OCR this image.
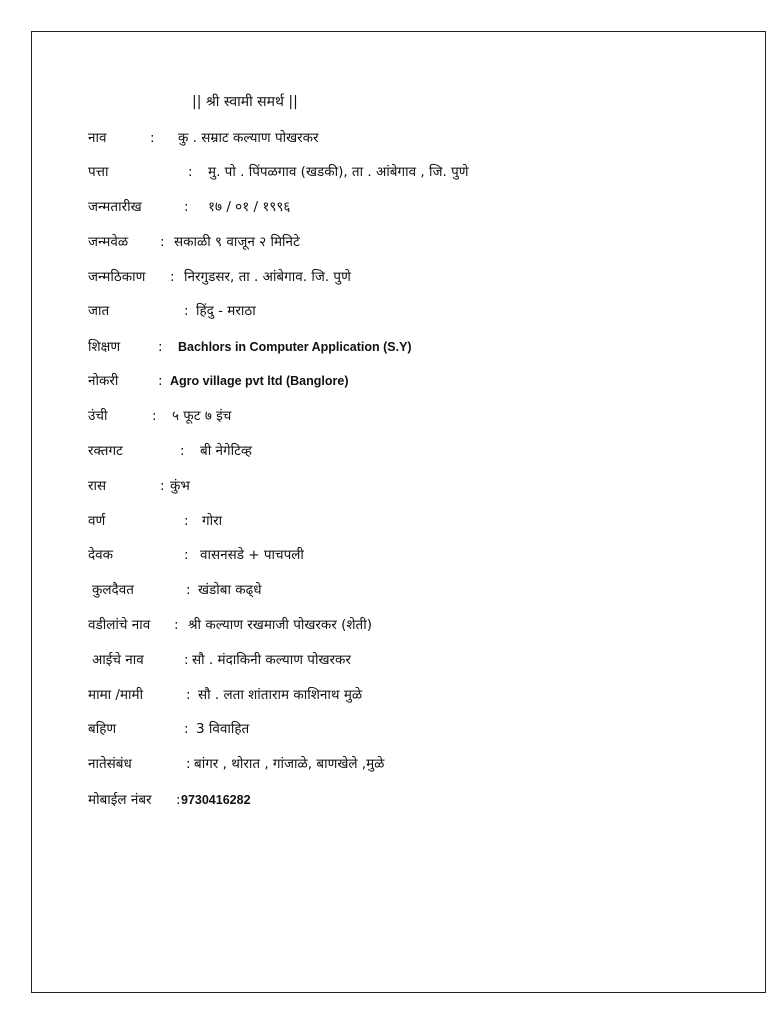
|| श्री स्वामी समर्थ ||
नाव	: कु . सम्राट कल्याण पोखरकर
पत्ता	: मु. पो . पिंपळगाव (खडकी), ता . आंबेगाव , जि. पुणे
जन्मतारीख	: १७ / ०१ / १९९६
जन्मवेळ : सकाळी ९ वाजून २ मिनिटे
जन्मठिकाण : निरगुडसर, ता . आंबेगाव. जि. पुणे
जात	: हिंदु - मराठा
शिक्षण	: Bachlors in Computer Application (S.Y)
नोकरी	: Agro village pvt ltd (Banglore)
उंची	: ५ फूट ७ इंच
रक्तगट	: बी नेगेटिव्ह
रास	: कुंभ
वर्ण	: गोरा
देवक	: वासनसडे + पाचपली
कुलदैवत	: खंडोबा कढ्धे
वडीलांचे नाव : श्री कल्याण रखमाजी पोखरकर (शेती)
आईचे नाव	: सौ . मंदाकिनी कल्याण पोखरकर
मामा /मामी	: सौ . लता शांताराम काशिनाथ मुळे
बहिण	: 3 विवाहित
नातेसंबंध	: बांगर , थोरात , गांजाळे, बाणखेले ,मुळे
मोबाईल नंबर : 9730416282
